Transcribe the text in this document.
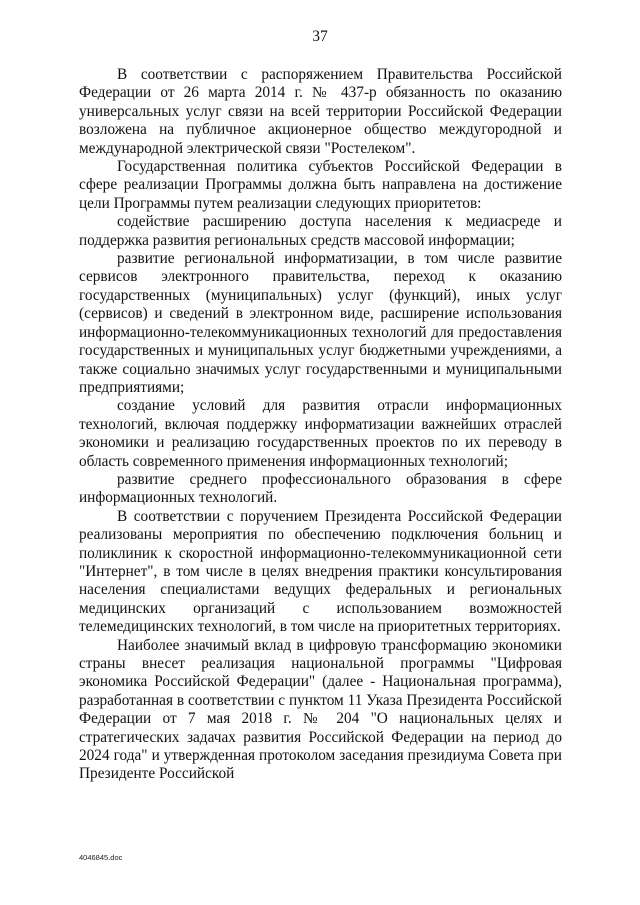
37

В соответствии с распоряжением Правительства Российской Федерации от 26 марта 2014 г. № 437-р обязанность по оказанию универсальных услуг связи на всей территории Российской Федерации возложена на публичное акционерное общество междугородной и международной электрической связи "Ростелеком".

Государственная политика субъектов Российской Федерации в сфере реализации Программы должна быть направлена на достижение цели Программы путем реализации следующих приоритетов:

содействие расширению доступа населения к медиасреде и поддержка развития региональных средств массовой информации;

развитие региональной информатизации, в том числе развитие сервисов электронного правительства, переход к оказанию государственных (муниципальных) услуг (функций), иных услуг (сервисов) и сведений в электронном виде, расширение использования информационно-телекоммуникационных технологий для предоставления государственных и муниципальных услуг бюджетными учреждениями, а также социально значимых услуг государственными и муниципальными предприятиями;

создание условий для развития отрасли информационных технологий, включая поддержку информатизации важнейших отраслей экономики и реализацию государственных проектов по их переводу в область современного применения информационных технологий;

развитие среднего профессионального образования в сфере информационных технологий.

В соответствии с поручением Президента Российской Федерации реализованы мероприятия по обеспечению подключения больниц и поликлиник к скоростной информационно-телекоммуникационной сети "Интернет", в том числе в целях внедрения практики консультирования населения специалистами ведущих федеральных и региональных медицинских организаций с использованием возможностей телемедицинских технологий, в том числе на приоритетных территориях.

Наиболее значимый вклад в цифровую трансформацию экономики страны внесет реализация национальной программы "Цифровая экономика Российской Федерации" (далее - Национальная программа), разработанная в соответствии с пунктом 11 Указа Президента Российской Федерации от 7 мая 2018 г. № 204 "О национальных целях и стратегических задачах развития Российской Федерации на период до 2024 года" и утвержденная протоколом заседания президиума Совета при Президенте Российской

4046845.doc
